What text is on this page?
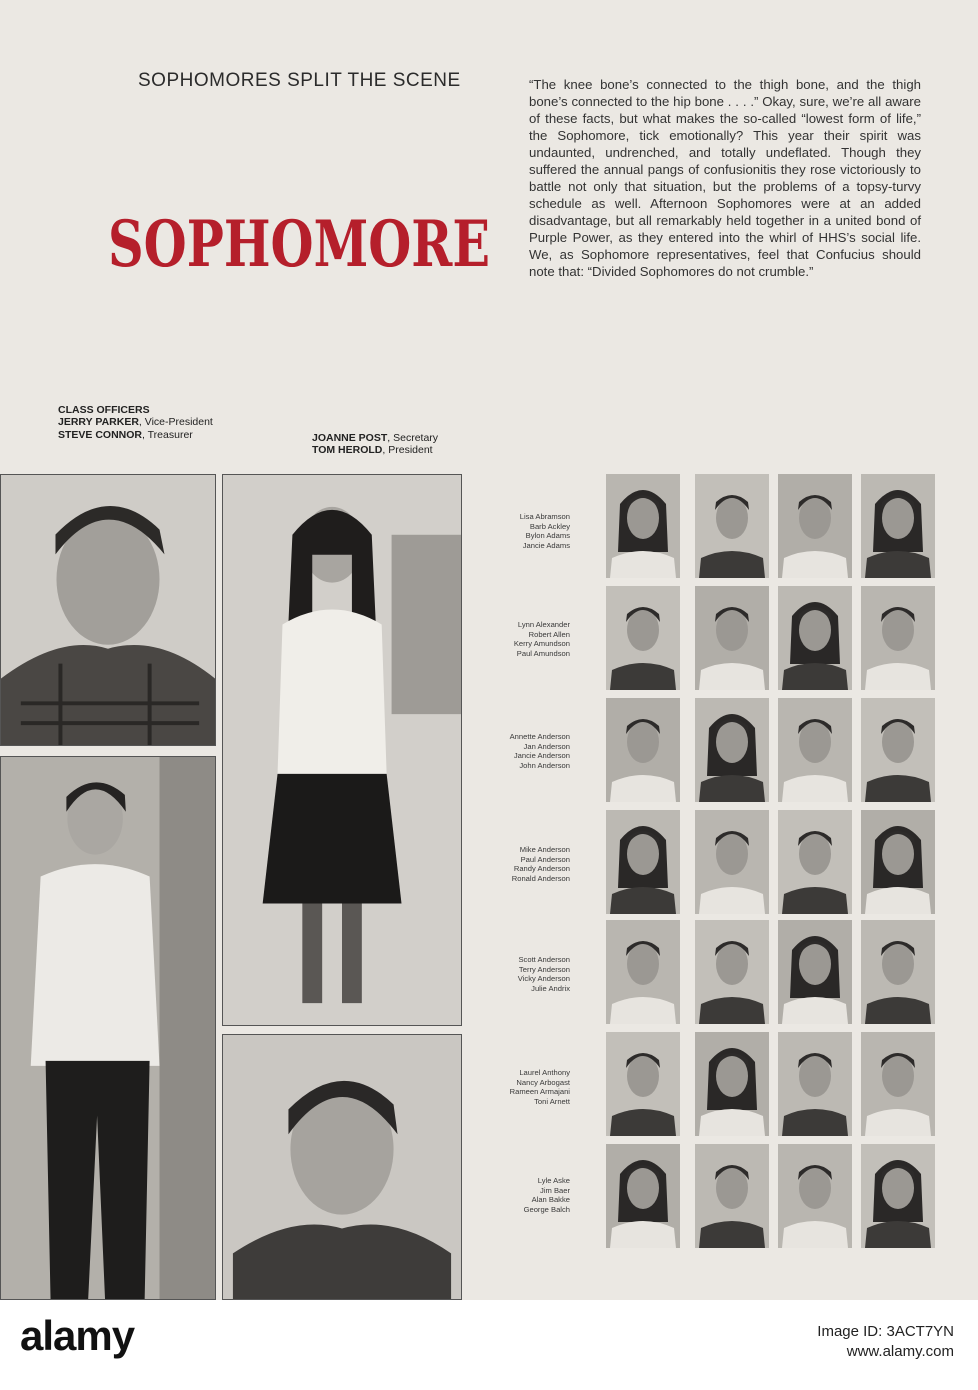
SOPHOMORES SPLIT THE SCENE
SOPHOMORE

“The knee bone’s connected to the thigh bone, and the thigh bone’s connected to the hip bone . . . .” Okay, sure, we’re all aware of these facts, but what makes the so-called “lowest form of life,” the Sophomore, tick emotionally? This year their spirit was undaunted, undrenched, and totally undeflated. Though they suffered the annual pangs of confusionitis they rose victoriously to battle not only that situation, but the problems of a topsy-turvy schedule as well. Afternoon Sophomores were at an added disadvantage, but all remarkably held together in a united bond of Purple Power, as they entered into the whirl of HHS’s social life. We, as Sophomore representatives, feel that Confucius should note that: “Divided Sophomores do not crumble.”

CLASS OFFICERS
JERRY PARKER, Vice-President
STEVE CONNOR, Treasurer	JOANNE POST, Secretary
TOM HEROLD, President
Lisa Abramson
Barb Ackley
Bylon Adams
Jancie Adams
Lynn Alexander
Robert Allen
Kerry Amundson
Paul Amundson
Annette Anderson
Jan Anderson
Jancie Anderson
John Anderson
Mike Anderson
Paul Anderson
Randy Anderson
Ronald Anderson
Scott Anderson
Terry Anderson
Vicky Anderson
Julie Andrix
Laurel Anthony
Nancy Arbogast
Rameen Armajani
Toni Arnett
Lyle Aske
Jim Baer
Alan Bakke
George Balch
alamy	Image ID: 3ACT7YN
www.alamy.com
